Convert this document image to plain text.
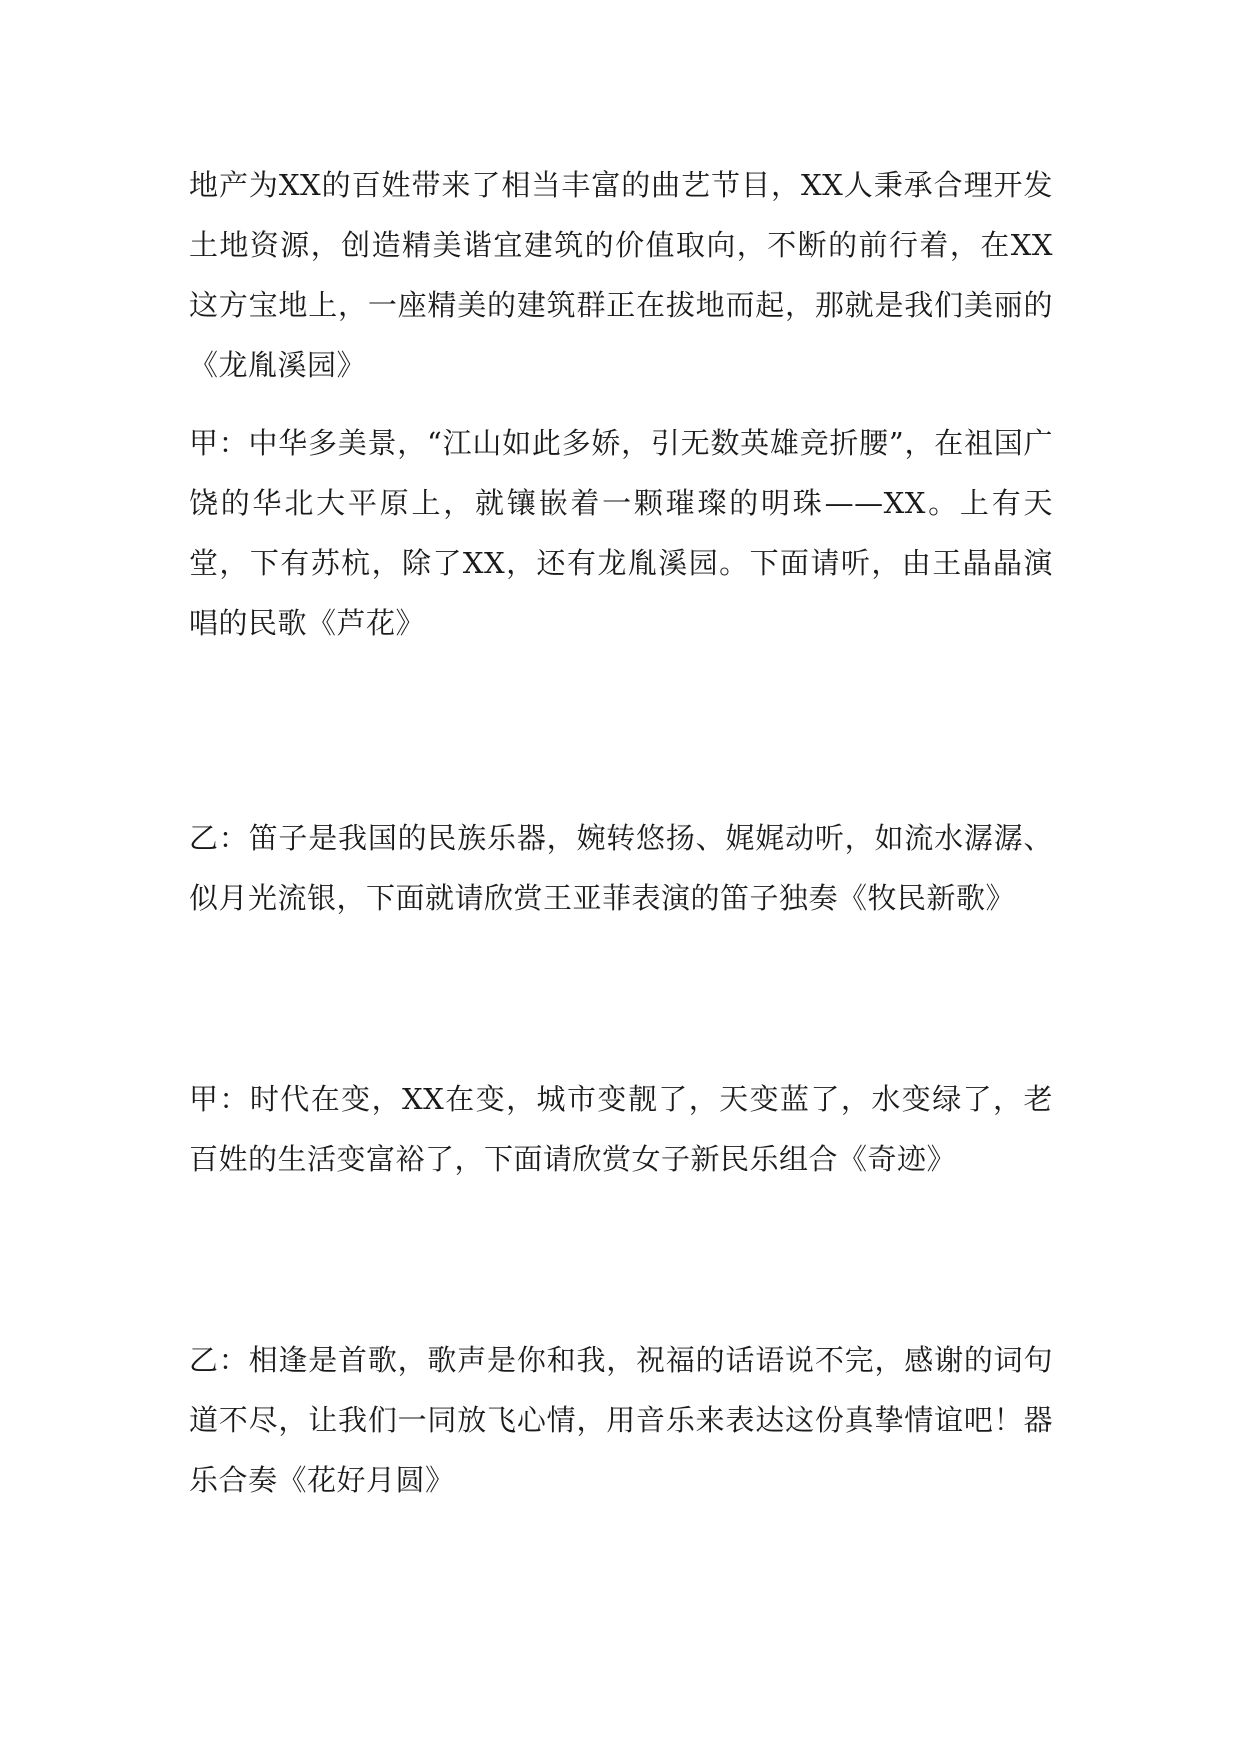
地产为XX的百姓带来了相当丰富的曲艺节目，XX人秉承合理开发土地资源，创造精美谐宜建筑的价值取向，不断的前行着，在XX这方宝地上，一座精美的建筑群正在拔地而起，那就是我们美丽的《龙胤溪园》

甲：中华多美景，“江山如此多娇，引无数英雄竞折腰”，在祖国广饶的华北大平原上，就镶嵌着一颗璀璨的明珠——XX。上有天堂，下有苏杭，除了XX，还有龙胤溪园。下面请听，由王晶晶演唱的民歌《芦花》

乙：笛子是我国的民族乐器，婉转悠扬、娓娓动听，如流水潺潺、似月光流银，下面就请欣赏王亚菲表演的笛子独奏《牧民新歌》

甲：时代在变，XX在变，城市变靓了，天变蓝了，水变绿了，老百姓的生活变富裕了，下面请欣赏女子新民乐组合《奇迹》

乙：相逢是首歌，歌声是你和我，祝福的话语说不完，感谢的词句道不尽，让我们一同放飞心情，用音乐来表达这份真挚情谊吧！器乐合奏《花好月圆》
